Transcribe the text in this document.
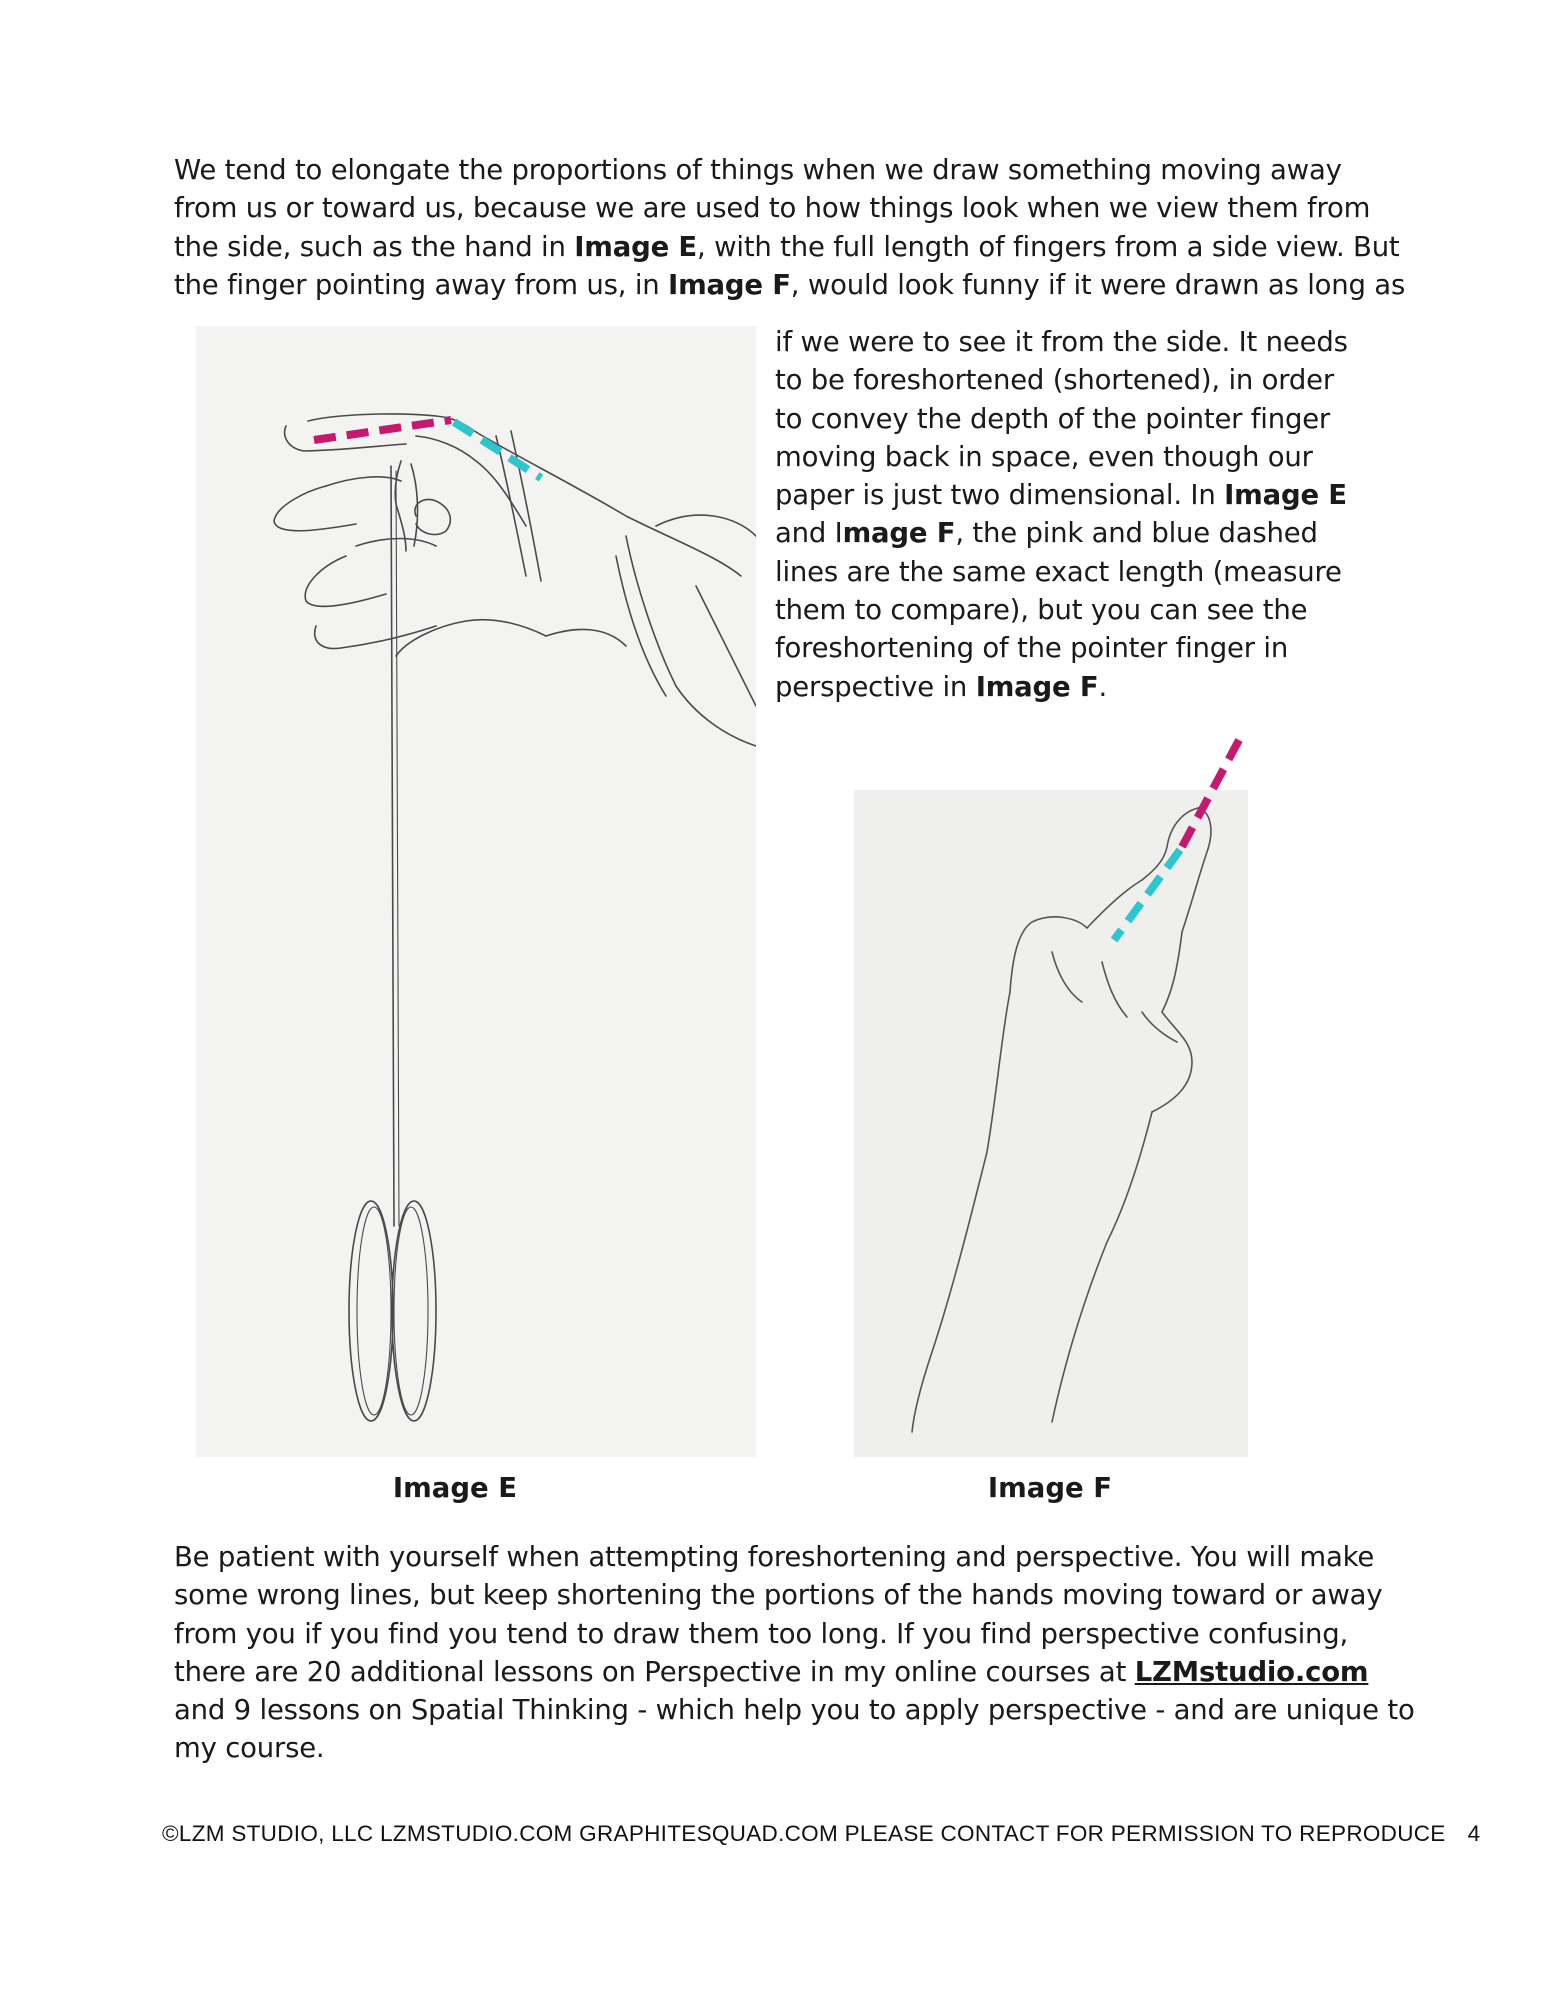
We tend to elongate the proportions of things when we draw something moving away
from us or toward us, because we are used to how things look when we view them from
the side, such as the hand in Image E, with the full length of fingers from a side view. But
the finger pointing away from us, in Image F, would look funny if it were drawn as long as

if we were to see it from the side. It needs
to be foreshortened (shortened), in order
to convey the depth of the pointer finger
moving back in space, even though our
paper is just two dimensional. In Image E
and Image F, the pink and blue dashed
lines are the same exact length (measure
them to compare), but you can see the
foreshortening of the pointer finger in
perspective in Image F.

Image E	Image F

Be patient with yourself when attempting foreshortening and perspective. You will make
some wrong lines, but keep shortening the portions of the hands moving toward or away
from you if you find you tend to draw them too long. If you find perspective confusing,
there are 20 additional lessons on Perspective in my online courses at LZMstudio.com
and 9 lessons on Spatial Thinking - which help you to apply perspective - and are unique to
my course.

©LZM STUDIO, LLC LZMSTUDIO.COM GRAPHITESQUAD.COM PLEASE CONTACT FOR PERMISSION TO REPRODUCE 4
